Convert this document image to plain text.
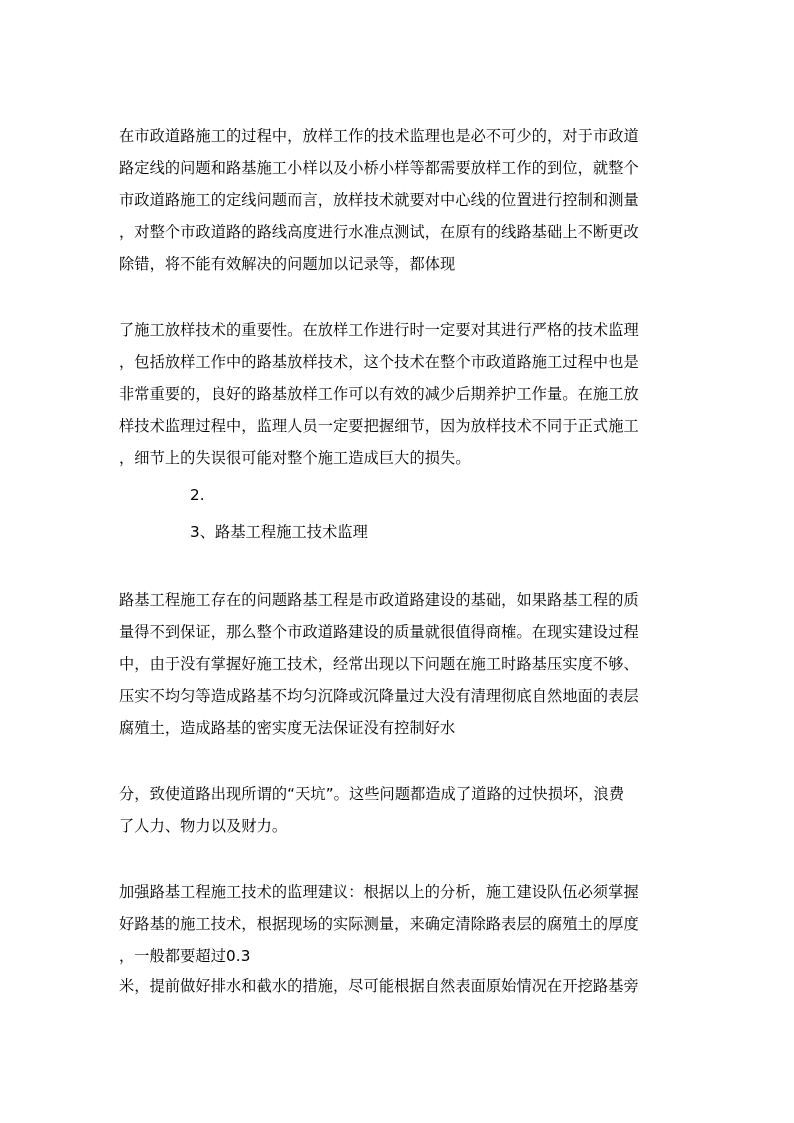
在市政道路施工的过程中，放样工作的技术监理也是必不可少的，对于市政道
路定线的问题和路基施工小样以及小桥小样等都需要放样工作的到位，就整个
市政道路施工的定线问题而言，放样技术就要对中心线的位置进行控制和测量
，对整个市政道路的路线高度进行水准点测试，在原有的线路基础上不断更改
除错，将不能有效解决的问题加以记录等，都体现
了施工放样技术的重要性。在放样工作进行时一定要对其进行严格的技术监理
，包括放样工作中的路基放样技术，这个技术在整个市政道路施工过程中也是
非常重要的，良好的路基放样工作可以有效的减少后期养护工作量。在施工放
样技术监理过程中，监理人员一定要把握细节，因为放样技术不同于正式施工
，细节上的失误很可能对整个施工造成巨大的损失。
2.
3、路基工程施工技术监理
路基工程施工存在的问题路基工程是市政道路建设的基础，如果路基工程的质
量得不到保证，那么整个市政道路建设的质量就很值得商榷。在现实建设过程
中，由于没有掌握好施工技术，经常出现以下问题在施工时路基压实度不够、
压实不均匀等造成路基不均匀沉降或沉降量过大没有清理彻底自然地面的表层
腐殖土，造成路基的密实度无法保证没有控制好水
分，致使道路出现所谓的“天坑”。这些问题都造成了道路的过快损坏，浪费
了人力、物力以及财力。
加强路基工程施工技术的监理建议：根据以上的分析，施工建设队伍必须掌握
好路基的施工技术，根据现场的实际测量，来确定清除路表层的腐殖土的厚度
，一般都要超过0.3
米，提前做好排水和截水的措施，尽可能根据自然表面原始情况在开挖路基旁
